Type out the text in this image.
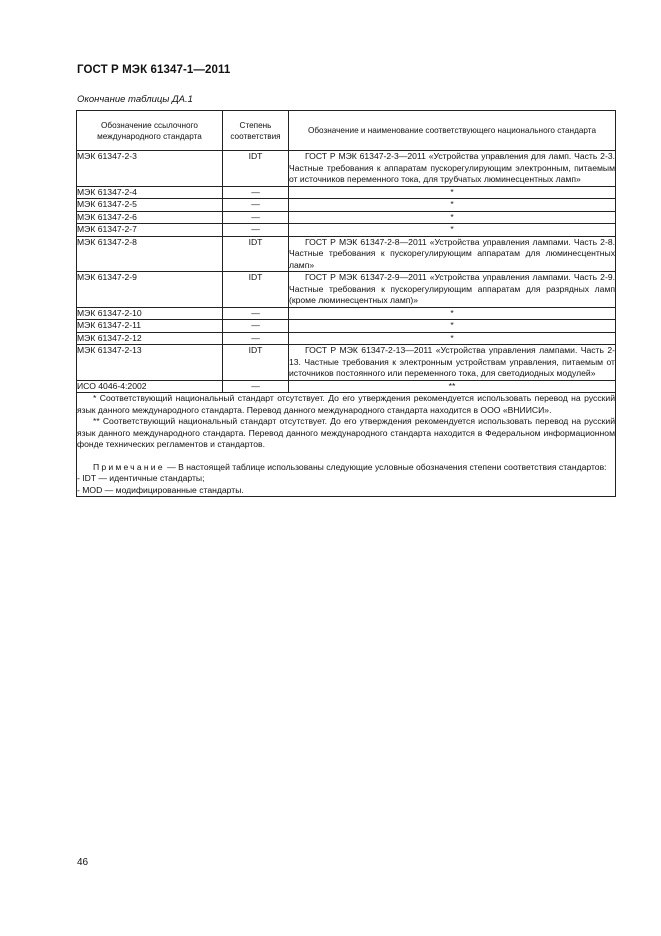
ГОСТ Р МЭК 61347-1—2011
Окончание таблицы ДА.1
Обозначение ссылочного международного стандарта	Степень соответствия	Обозначение и наименование соответствующего национального стандарта
МЭК 61347-2-3	IDT	ГОСТ Р МЭК 61347-2-3—2011 «Устройства управления для ламп. Часть 2-3. Частные требования к аппаратам пускорегулирующим электронным, питаемым от источников переменного тока, для трубчатых люминесцентных ламп»
МЭК 61347-2-4	—	*
МЭК 61347-2-5	—	*
МЭК 61347-2-6	—	*
МЭК 61347-2-7	—	*
МЭК 61347-2-8	IDT	ГОСТ Р МЭК 61347-2-8—2011 «Устройства управления лампами. Часть 2-8. Частные требования к пускорегулирующим аппаратам для люминесцентных ламп»
МЭК 61347-2-9	IDT	ГОСТ Р МЭК 61347-2-9—2011 «Устройства управления лампами. Часть 2-9. Частные требования к пускорегулирующим аппаратам для разрядных ламп (кроме люминесцентных ламп)»
МЭК 61347-2-10	—	*
МЭК 61347-2-11	—	*
МЭК 61347-2-12	—	*
МЭК 61347-2-13	IDT	ГОСТ Р МЭК 61347-2-13—2011 «Устройства управления лампами. Часть 2-13. Частные требования к электронным устройствам управления, питаемым от источников постоянного или переменного тока, для светодиодных модулей»
ИСО 4046-4:2002	—	**

* Соответствующий национальный стандарт отсутствует. До его утверждения рекомендуется использовать перевод на русский язык данного международного стандарта. Перевод данного международного стандарта находится в ООО «ВНИИСИ».

** Соответствующий национальный стандарт отсутствует. До его утверждения рекомендуется использовать перевод на русский язык данного международного стандарта. Перевод данного международного стандарта находится в Федеральном информационном фонде технических регламентов и стандартов.

Примечание — В настоящей таблице использованы следующие условные обозначения степени соответствия стандартов:

- IDT — идентичные стандарты;
- MOD — модифицированные стандарты.		
46
